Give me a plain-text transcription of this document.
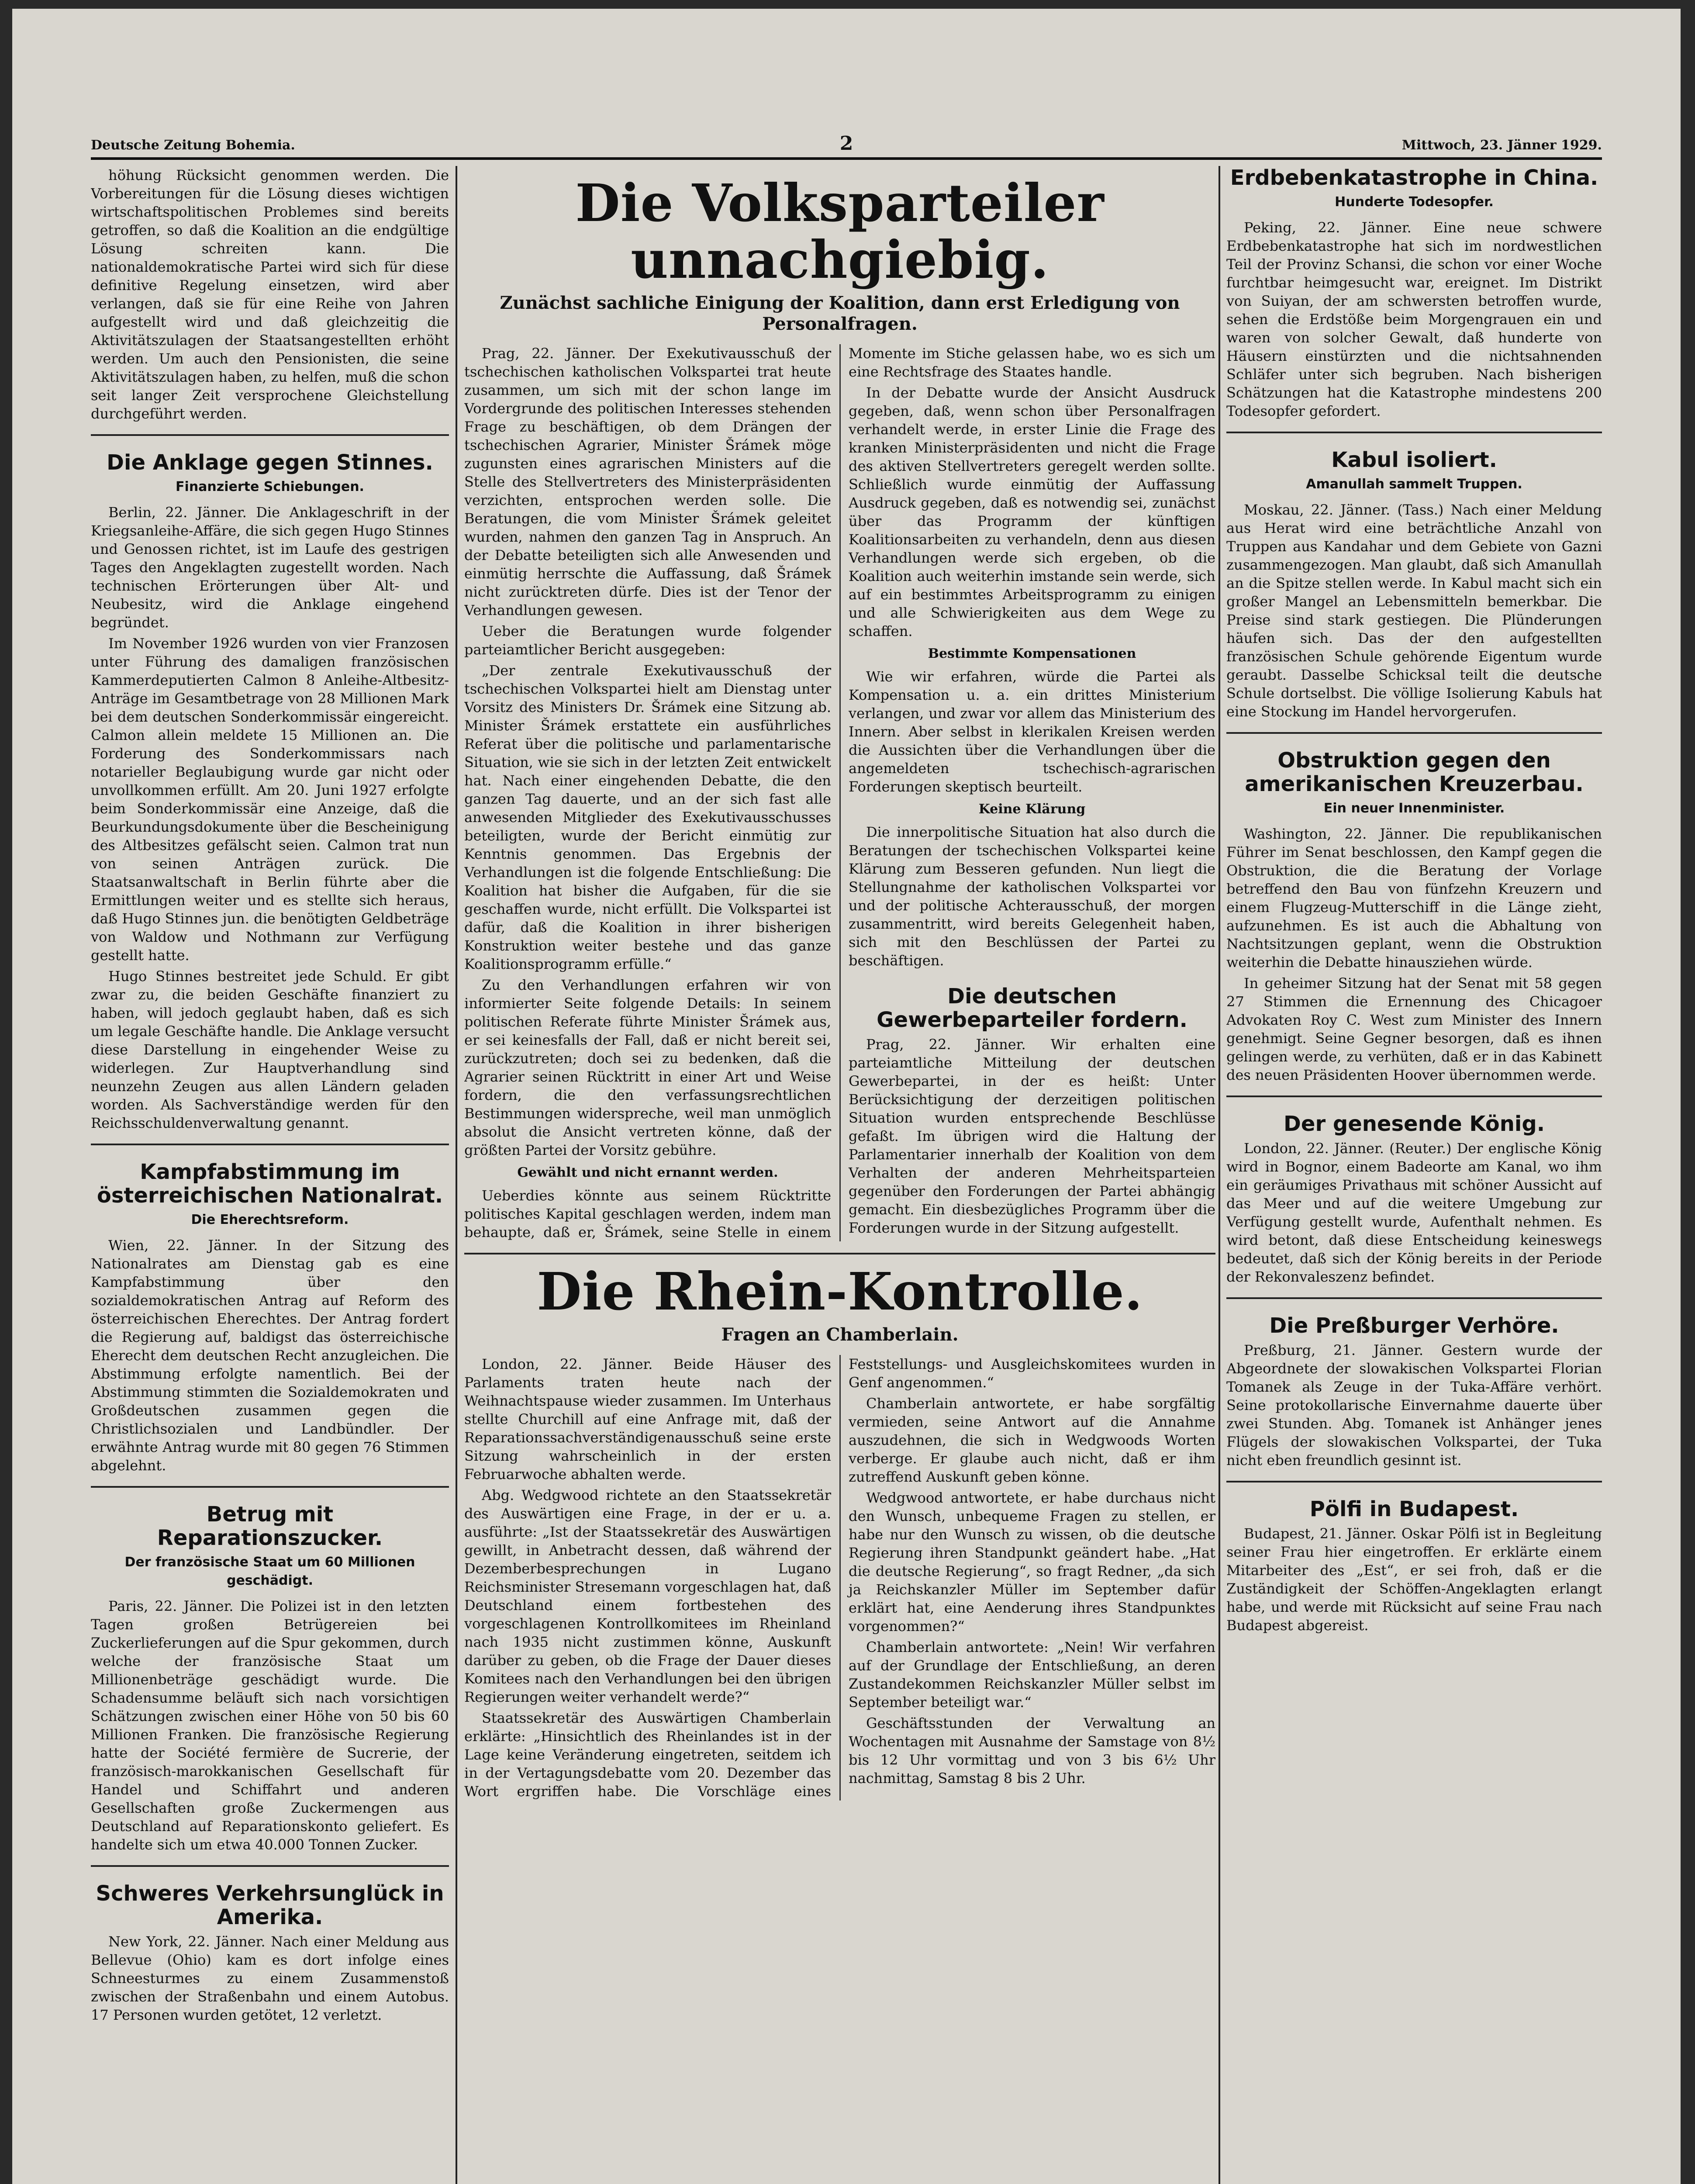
Deutsche Zeitung Bohemia.	2	Mittwoch, 23. Jänner 1929.

höhung Rücksicht genommen werden. Die Vorbereitungen für die Lösung dieses wichtigen wirtschaftspolitischen Problemes sind bereits getroffen, so daß die Koalition an die endgültige Lösung schreiten kann. Die nationaldemokratische Partei wird sich für diese definitive Regelung einsetzen, wird aber verlangen, daß sie für eine Reihe von Jahren aufgestellt wird und daß gleichzeitig die Aktivitätszulagen der Staatsangestellten erhöht werden. Um auch den Pensionisten, die seine Aktivitätszulagen haben, zu helfen, muß die schon seit langer Zeit versprochene Gleichstellung durchgeführt werden.

Die Anklage gegen Stinnes.
Finanzierte Schiebungen.

Berlin, 22. Jänner. Die Anklageschrift in der Kriegsanleihe-Affäre, die sich gegen Hugo Stinnes und Genossen richtet, ist im Laufe des gestrigen Tages den Angeklagten zugestellt worden. Nach technischen Erörterungen über Alt- und Neubesitz, wird die Anklage eingehend begründet.

Im November 1926 wurden von vier Franzosen unter Führung des damaligen französischen Kammerdeputierten Calmon 8 Anleihe-Altbesitz-Anträge im Gesamtbetrage von 28 Millionen Mark bei dem deutschen Sonderkommissär eingereicht. Calmon allein meldete 15 Millionen an. Die Forderung des Sonderkommissars nach notarieller Beglaubigung wurde gar nicht oder unvollkommen erfüllt. Am 20. Juni 1927 erfolgte beim Sonderkommissär eine Anzeige, daß die Beurkundungsdokumente über die Bescheinigung des Altbesitzes gefälscht seien. Calmon trat nun von seinen Anträgen zurück. Die Staatsanwaltschaft in Berlin führte aber die Ermittlungen weiter und es stellte sich heraus, daß Hugo Stinnes jun. die benötigten Geldbeträge von Waldow und Nothmann zur Verfügung gestellt hatte.

Hugo Stinnes bestreitet jede Schuld. Er gibt zwar zu, die beiden Geschäfte finanziert zu haben, will jedoch geglaubt haben, daß es sich um legale Geschäfte handle. Die Anklage versucht diese Darstellung in eingehender Weise zu widerlegen. Zur Hauptverhandlung sind neunzehn Zeugen aus allen Ländern geladen worden. Als Sachverständige werden für den Reichsschuldenverwaltung genannt.

Kampfabstimmung im österreichischen Nationalrat.
Die Eherechtsreform.

Wien, 22. Jänner. In der Sitzung des Nationalrates am Dienstag gab es eine Kampfabstimmung über den sozialdemokratischen Antrag auf Reform des österreichischen Eherechtes. Der Antrag fordert die Regierung auf, baldigst das österreichische Eherecht dem deutschen Recht anzugleichen. Die Abstimmung erfolgte namentlich. Bei der Abstimmung stimmten die Sozialdemokraten und Großdeutschen zusammen gegen die Christlichsozialen und Landbündler. Der erwähnte Antrag wurde mit 80 gegen 76 Stimmen abgelehnt.

Betrug mit Reparationszucker.
Der französische Staat um 60 Millionen geschädigt.

Paris, 22. Jänner. Die Polizei ist in den letzten Tagen großen Betrügereien bei Zuckerlieferungen auf die Spur gekommen, durch welche der französische Staat um Millionenbeträge geschädigt wurde. Die Schadensumme beläuft sich nach vorsichtigen Schätzungen zwischen einer Höhe von 50 bis 60 Millionen Franken. Die französische Regierung hatte der Société fermière de Sucrerie, der französisch-marokkanischen Gesellschaft für Handel und Schiffahrt und anderen Gesellschaften große Zuckermengen aus Deutschland auf Reparationskonto geliefert. Es handelte sich um etwa 40.000 Tonnen Zucker.

Schweres Verkehrsunglück in Amerika.

New York, 22. Jänner. Nach einer Meldung aus Bellevue (Ohio) kam es dort infolge eines Schneesturmes zu einem Zusammenstoß zwischen der Straßenbahn und einem Autobus. 17 Personen wurden getötet, 12 verletzt.

Die Volksparteiler unnachgiebig.
Zunächst sachliche Einigung der Koalition, dann erst Erledigung von Personalfragen.

Prag, 22. Jänner. Der Exekutivausschuß der tschechischen katholischen Volkspartei trat heute zusammen, um sich mit der schon lange im Vordergrunde des politischen Interesses stehenden Frage zu beschäftigen, ob dem Drängen der tschechischen Agrarier, Minister Šrámek möge zugunsten eines agrarischen Ministers auf die Stelle des Stellvertreters des Ministerpräsidenten verzichten, entsprochen werden solle. Die Beratungen, die vom Minister Šrámek geleitet wurden, nahmen den ganzen Tag in Anspruch. An der Debatte beteiligten sich alle Anwesenden und einmütig herrschte die Auffassung, daß Šrámek nicht zurücktreten dürfe. Dies ist der Tenor der Verhandlungen gewesen.

Ueber die Beratungen wurde folgender parteiamtlicher Bericht ausgegeben:

„Der zentrale Exekutivausschuß der tschechischen Volkspartei hielt am Dienstag unter Vorsitz des Ministers Dr. Šrámek eine Sitzung ab. Minister Šrámek erstattete ein ausführliches Referat über die politische und parlamentarische Situation, wie sie sich in der letzten Zeit entwickelt hat. Nach einer eingehenden Debatte, die den ganzen Tag dauerte, und an der sich fast alle anwesenden Mitglieder des Exekutivausschusses beteiligten, wurde der Bericht einmütig zur Kenntnis genommen. Das Ergebnis der Verhandlungen ist die folgende Entschließung: Die Koalition hat bisher die Aufgaben, für die sie geschaffen wurde, nicht erfüllt. Die Volkspartei ist dafür, daß die Koalition in ihrer bisherigen Konstruktion weiter bestehe und das ganze Koalitionsprogramm erfülle.“

Zu den Verhandlungen erfahren wir von informierter Seite folgende Details: In seinem politischen Referate führte Minister Šrámek aus, er sei keinesfalls der Fall, daß er nicht bereit sei, zurückzutreten; doch sei zu bedenken, daß die Agrarier seinen Rücktritt in einer Art und Weise fordern, die den verfassungsrechtlichen Bestimmungen widerspreche, weil man unmöglich absolut die Ansicht vertreten könne, daß der größten Partei der Vorsitz gebühre.

Gewählt und nicht ernannt werden.

Ueberdies könnte aus seinem Rücktritte politisches Kapital geschlagen werden, indem man behaupte, daß er, Šrámek, seine Stelle in einem Momente im Stiche gelassen habe, wo es sich um eine Rechtsfrage des Staates handle.

In der Debatte wurde der Ansicht Ausdruck gegeben, daß, wenn schon über Personalfragen verhandelt werde, in erster Linie die Frage des kranken Ministerpräsidenten und nicht die Frage des aktiven Stellvertreters geregelt werden sollte. Schließlich wurde einmütig der Auffassung Ausdruck gegeben, daß es notwendig sei, zunächst über das Programm der künftigen Koalitionsarbeiten zu verhandeln, denn aus diesen Verhandlungen werde sich ergeben, ob die Koalition auch weiterhin imstande sein werde, sich auf ein bestimmtes Arbeitsprogramm zu einigen und alle Schwierigkeiten aus dem Wege zu schaffen.

Bestimmte Kompensationen

Wie wir erfahren, würde die Partei als Kompensation u. a. ein drittes Ministerium verlangen, und zwar vor allem das Ministerium des Innern. Aber selbst in klerikalen Kreisen werden die Aussichten über die Verhandlungen über die angemeldeten tschechisch-agrarischen Forderungen skeptisch beurteilt.

Keine Klärung

Die innerpolitische Situation hat also durch die Beratungen der tschechischen Volkspartei keine Klärung zum Besseren gefunden. Nun liegt die Stellungnahme der katholischen Volkspartei vor und der politische Achterausschuß, der morgen zusammentritt, wird bereits Gelegenheit haben, sich mit den Beschlüssen der Partei zu beschäftigen.

Die deutschen Gewerbeparteiler fordern.

Prag, 22. Jänner. Wir erhalten eine parteiamtliche Mitteilung der deutschen Gewerbepartei, in der es heißt: Unter Berücksichtigung der derzeitigen politischen Situation wurden entsprechende Beschlüsse gefaßt. Im übrigen wird die Haltung der Parlamentarier innerhalb der Koalition von dem Verhalten der anderen Mehrheitsparteien gegenüber den Forderungen der Partei abhängig gemacht. Ein diesbezügliches Programm über die Forderungen wurde in der Sitzung aufgestellt.

Die Rhein-Kontrolle.
Fragen an Chamberlain.

London, 22. Jänner. Beide Häuser des Parlaments traten heute nach der Weihnachtspause wieder zusammen. Im Unterhaus stellte Churchill auf eine Anfrage mit, daß der Reparationssachverständigenausschuß seine erste Sitzung wahrscheinlich in der ersten Februarwoche abhalten werde.

Abg. Wedgwood richtete an den Staatssekretär des Auswärtigen eine Frage, in der er u. a. ausführte: „Ist der Staatssekretär des Auswärtigen gewillt, in Anbetracht dessen, daß während der Dezemberbesprechungen in Lugano Reichsminister Stresemann vorgeschlagen hat, daß Deutschland einem fortbestehen des vorgeschlagenen Kontrollkomitees im Rheinland nach 1935 nicht zustimmen könne, Auskunft darüber zu geben, ob die Frage der Dauer dieses Komitees nach den Verhandlungen bei den übrigen Regierungen weiter verhandelt werde?“

Staatssekretär des Auswärtigen Chamberlain erklärte: „Hinsichtlich des Rheinlandes ist in der Lage keine Veränderung eingetreten, seitdem ich in der Vertagungsdebatte vom 20. Dezember das Wort ergriffen habe. Die Vorschläge eines Feststellungs- und Ausgleichskomitees wurden in Genf angenommen.“

Chamberlain antwortete, er habe sorgfältig vermieden, seine Antwort auf die Annahme auszudehnen, die sich in Wedgwoods Worten verberge. Er glaube auch nicht, daß er ihm zutreffend Auskunft geben könne.

Wedgwood antwortete, er habe durchaus nicht den Wunsch, unbequeme Fragen zu stellen, er habe nur den Wunsch zu wissen, ob die deutsche Regierung ihren Standpunkt geändert habe. „Hat die deutsche Regierung“, so fragt Redner, „da sich ja Reichskanzler Müller im September dafür erklärt hat, eine Aenderung ihres Standpunktes vorgenommen?“

Chamberlain antwortete: „Nein! Wir verfahren auf der Grundlage der Entschließung, an deren Zustandekommen Reichskanzler Müller selbst im September beteiligt war.“

Geschäftsstunden der Verwaltung an Wochentagen mit Ausnahme der Samstage von 8½ bis 12 Uhr vormittag und von 3 bis 6½ Uhr nachmittag, Samstag 8 bis 2 Uhr.

Erdbebenkatastrophe in China.
Hunderte Todesopfer.

Peking, 22. Jänner. Eine neue schwere Erdbebenkatastrophe hat sich im nordwestlichen Teil der Provinz Schansi, die schon vor einer Woche furchtbar heimgesucht war, ereignet. Im Distrikt von Suiyan, der am schwersten betroffen wurde, sehen die Erdstöße beim Morgengrauen ein und waren von solcher Gewalt, daß hunderte von Häusern einstürzten und die nichtsahnenden Schläfer unter sich begruben. Nach bisherigen Schätzungen hat die Katastrophe mindestens 200 Todesopfer gefordert.

Kabul isoliert.
Amanullah sammelt Truppen.

Moskau, 22. Jänner. (Tass.) Nach einer Meldung aus Herat wird eine beträchtliche Anzahl von Truppen aus Kandahar und dem Gebiete von Gazni zusammengezogen. Man glaubt, daß sich Amanullah an die Spitze stellen werde. In Kabul macht sich ein großer Mangel an Lebensmitteln bemerkbar. Die Preise sind stark gestiegen. Die Plünderungen häufen sich. Das der den aufgestellten französischen Schule gehörende Eigentum wurde geraubt. Dasselbe Schicksal teilt die deutsche Schule dortselbst. Die völlige Isolierung Kabuls hat eine Stockung im Handel hervorgerufen.

Obstruktion gegen den amerikanischen Kreuzerbau.
Ein neuer Innenminister.

Washington, 22. Jänner. Die republikanischen Führer im Senat beschlossen, den Kampf gegen die Obstruktion, die die Beratung der Vorlage betreffend den Bau von fünfzehn Kreuzern und einem Flugzeug-Mutterschiff in die Länge zieht, aufzunehmen. Es ist auch die Abhaltung von Nachtsitzungen geplant, wenn die Obstruktion weiterhin die Debatte hinausziehen würde.

In geheimer Sitzung hat der Senat mit 58 gegen 27 Stimmen die Ernennung des Chicagoer Advokaten Roy C. West zum Minister des Innern genehmigt. Seine Gegner besorgen, daß es ihnen gelingen werde, zu verhüten, daß er in das Kabinett des neuen Präsidenten Hoover übernommen werde.

Der genesende König.

London, 22. Jänner. (Reuter.) Der englische König wird in Bognor, einem Badeorte am Kanal, wo ihm ein geräumiges Privathaus mit schöner Aussicht auf das Meer und auf die weitere Umgebung zur Verfügung gestellt wurde, Aufenthalt nehmen. Es wird betont, daß diese Entscheidung keineswegs bedeutet, daß sich der König bereits in der Periode der Rekonvaleszenz befindet.

Die Preßburger Verhöre.

Preßburg, 21. Jänner. Gestern wurde der Abgeordnete der slowakischen Volkspartei Florian Tomanek als Zeuge in der Tuka-Affäre verhört. Seine protokollarische Einvernahme dauerte über zwei Stunden. Abg. Tomanek ist Anhänger jenes Flügels der slowakischen Volkspartei, der Tuka nicht eben freundlich gesinnt ist.

Pölfi in Budapest.

Budapest, 21. Jänner. Oskar Pölfi ist in Begleitung seiner Frau hier eingetroffen. Er erklärte einem Mitarbeiter des „Est“, er sei froh, daß er die Zuständigkeit der Schöffen-Angeklagten erlangt habe, und werde mit Rücksicht auf seine Frau nach Budapest abgereist.
